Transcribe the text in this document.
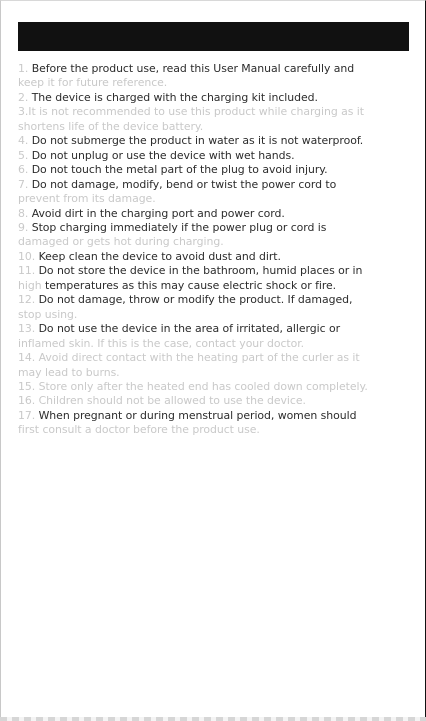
1. Before the product use, read this User Manual carefully and
keep it for future reference.
2. The device is charged with the charging kit included.
3.It is not recommended to use this product while charging as it
shortens life of the device battery.
4. Do not submerge the product in water as it is not waterproof.
5. Do not unplug or use the device with wet hands.
6. Do not touch the metal part of the plug to avoid injury.
7. Do not damage, modify, bend or twist the power cord to
prevent from its damage.
8. Avoid dirt in the charging port and power cord.
9. Stop charging immediately if the power plug or cord is
damaged or gets hot during charging.
10. Keep clean the device to avoid dust and dirt.
11. Do not store the device in the bathroom, humid places or in
high temperatures as this may cause electric shock or fire.
12. Do not damage, throw or modify the product. If damaged,
stop using.
13. Do not use the device in the area of irritated, allergic or
inflamed skin. If this is the case, contact your doctor.
14. Avoid direct contact with the heating part of the curler as it
may lead to burns.
15. Store only after the heated end has cooled down completely.
16. Children should not be allowed to use the device.
17. When pregnant or during menstrual period, women should
first consult a doctor before the product use.
